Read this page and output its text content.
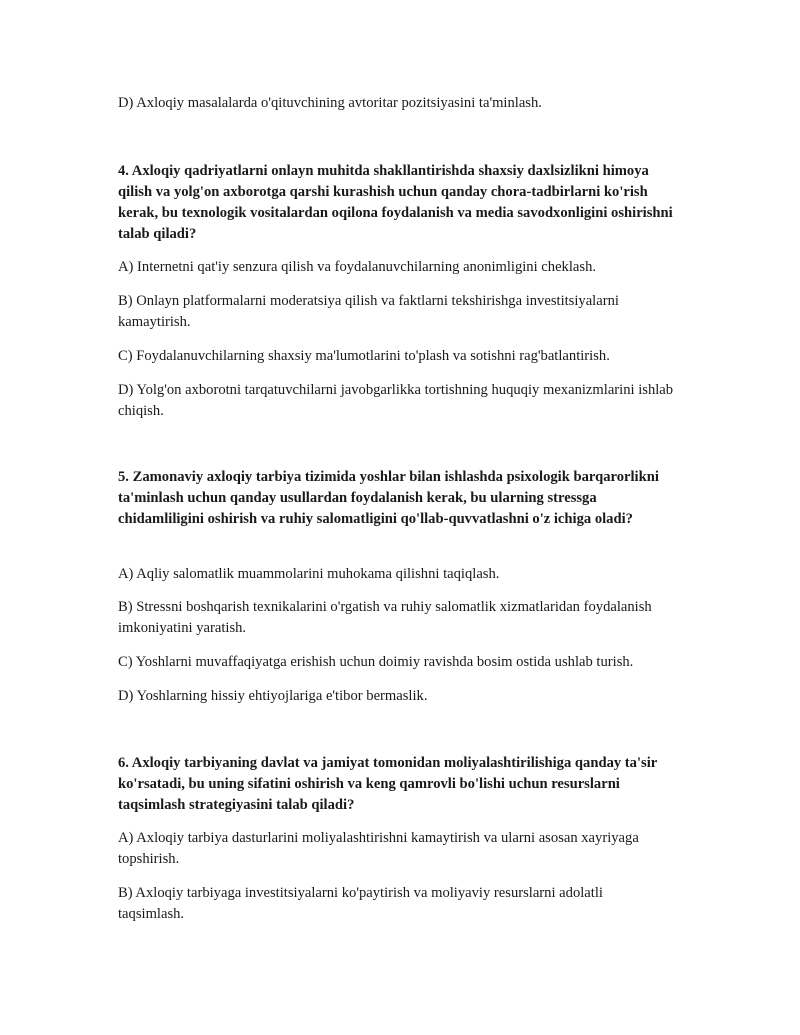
D) Axloqiy masalalarda o'qituvchining avtoritar pozitsiyasini ta'minlash.

4. Axloqiy qadriyatlarni onlayn muhitda shakllantirishda shaxsiy daxlsizlikni himoya qilish va yolg'on axborotga qarshi kurashish uchun qanday chora-tadbirlarni ko'rish kerak, bu texnologik vositalardan oqilona foydalanish va media savodxonligini oshirishni talab qiladi?

A) Internetni qat'iy senzura qilish va foydalanuvchilarning anonimligini cheklash.

B) Onlayn platformalarni moderatsiya qilish va faktlarni tekshirishga investitsiyalarni kamaytirish.

C) Foydalanuvchilarning shaxsiy ma'lumotlarini to'plash va sotishni rag'batlantirish.

D) Yolg'on axborotni tarqatuvchilarni javobgarlikka tortishning huquqiy mexanizmlarini ishlab chiqish.

5. Zamonaviy axloqiy tarbiya tizimida yoshlar bilan ishlashda psixologik barqarorlikni ta'minlash uchun qanday usullardan foydalanish kerak, bu ularning stressga chidamliligini oshirish va ruhiy salomatligini qo'llab-quvvatlashni o'z ichiga oladi?

A) Aqliy salomatlik muammolarini muhokama qilishni taqiqlash.

B) Stressni boshqarish texnikalarini o'rgatish va ruhiy salomatlik xizmatlaridan foydalanish imkoniyatini yaratish.

C) Yoshlarni muvaffaqiyatga erishish uchun doimiy ravishda bosim ostida ushlab turish.

D) Yoshlarning hissiy ehtiyojlariga e'tibor bermaslik.

6. Axloqiy tarbiyaning davlat va jamiyat tomonidan moliyalashtirilishiga qanday ta'sir ko'rsatadi, bu uning sifatini oshirish va keng qamrovli bo'lishi uchun resurslarni taqsimlash strategiyasini talab qiladi?

A) Axloqiy tarbiya dasturlarini moliyalashtirishni kamaytirish va ularni asosan xayriyaga topshirish.

B) Axloqiy tarbiyaga investitsiyalarni ko'paytirish va moliyaviy resurslarni adolatli taqsimlash.
